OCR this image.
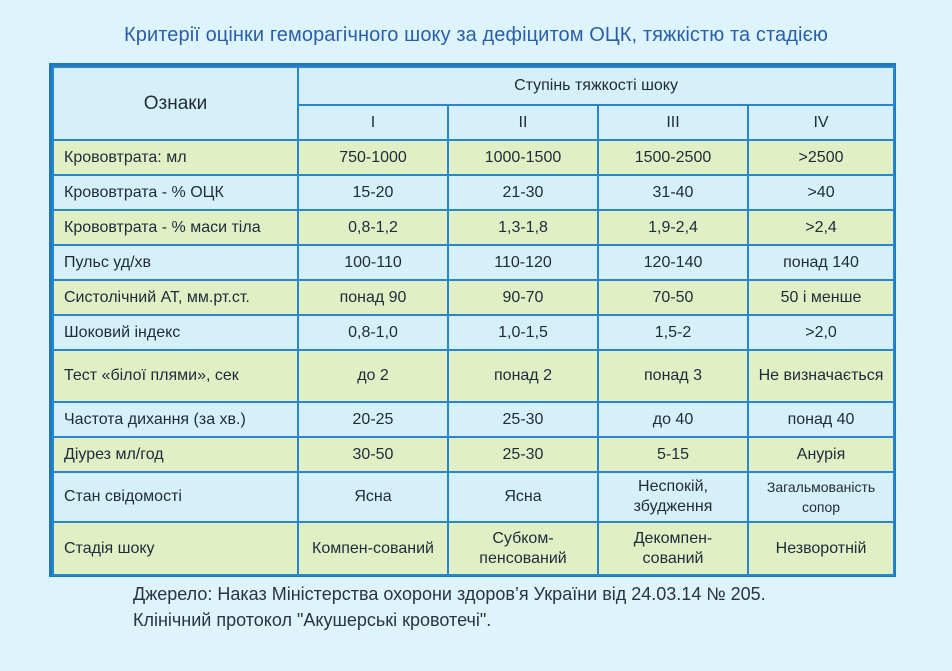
Критерії оцінки геморагічного шоку за дефіцитом ОЦК, тяжкістю та стадією
Ознаки	Ступінь тяжкості шоку			
	I	II	III	IV
Крововтрата: мл	750-1000	1000-1500	1500-2500	>2500
Крововтрата - % ОЦК	15-20	21-30	31-40	>40
Крововтрата - % маси тіла	0,8-1,2	1,3-1,8	1,9-2,4	>2,4
Пульс уд/хв	100-110	110-120	120-140	понад 140
Систолічний АТ, мм.рт.ст.	понад 90	90-70	70-50	50 і менше
Шоковий індекс	0,8-1,0	1,0-1,5	1,5-2	>2,0
Тест «білої плями», сек	до 2	понад 2	понад 3	Не визначається
Частота дихання (за хв.)	20-25	25-30	до 40	понад 40
Діурез мл/год	30-50	25-30	5-15	Анурія
Стан свідомості	Ясна	Ясна	Неспокій, збудження	Загальмованість сопор
Стадія шоку	Компен-сований	Субком-пенсований	Декомпен-сований	Незворотній
Джерело: Наказ Міністерства охорони здоров’я України від 24.03.14 № 205.
Клінічний протокол "Акушерські кровотечі".
